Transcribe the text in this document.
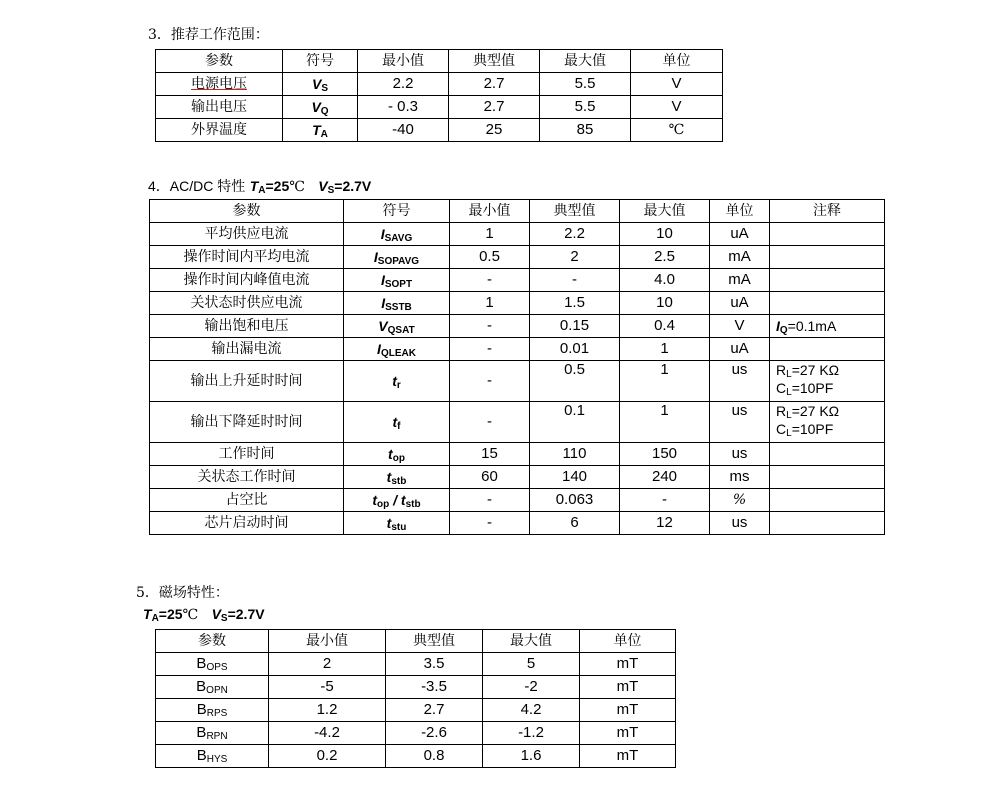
3．推荐工作范围：
参数	符号	最小值	典型值	最大值	单位
电源电压	$V_S$	2.2	2.7	5.5	V
输出电压	$V_Q$	- 0.3	2.7	5.5	V
外界温度	$T_A$	-40	25	85	℃
4．AC/DC 特性 $T_A=25℃$ $V_S=2.7V$
参数	符号	最小值	典型值	最大值	单位	注释
平均供应电流	$I_{SAVG}$	1	2.2	10	uA	
操作时间内平均电流	$I_{SOPAVG}$	0.5	2	2.5	mA	
操作时间内峰值电流	$I_{SOPT}$	-	-	4.0	mA	
关状态时供应电流	$I_{SSTB}$	1	1.5	10	uA	
输出饱和电压	$V_{QSAT}$	-	0.15	0.4	V	$I_Q=0.1mA$
输出漏电流	$I_{QLEAK}$	-	0.01	1	uA	
输出上升延时时间	$t_r$	-	0.5	1	us	$R_L=27$ KΩ
$C_L=10PF$

输出下降延时时间	$t_f$	-	0.1	1	us	$R_L=27$ KΩ
$C_L=10PF$

工作时间	$t_{op}$	15	110	150	us	
关状态工作时间	$t_{stb}$	60	140	240	ms	
占空比	$t_{op} / t_{stb}$	-	0.063	-	%	
芯片启动时间	$t_{stu}$	-	6	12	us	
5．磁场特性：
$T_A=25℃$ $V_S=2.7V$
参数	最小值	典型值	最大值	单位
$B_{OPS}$	2	3.5	5	mT
$B_{OPN}$	-5	-3.5	-2	mT
$B_{RPS}$	1.2	2.7	4.2	mT
$B_{RPN}$	-4.2	-2.6	-1.2	mT
$B_{HYS}$	0.2	0.8	1.6	mT
